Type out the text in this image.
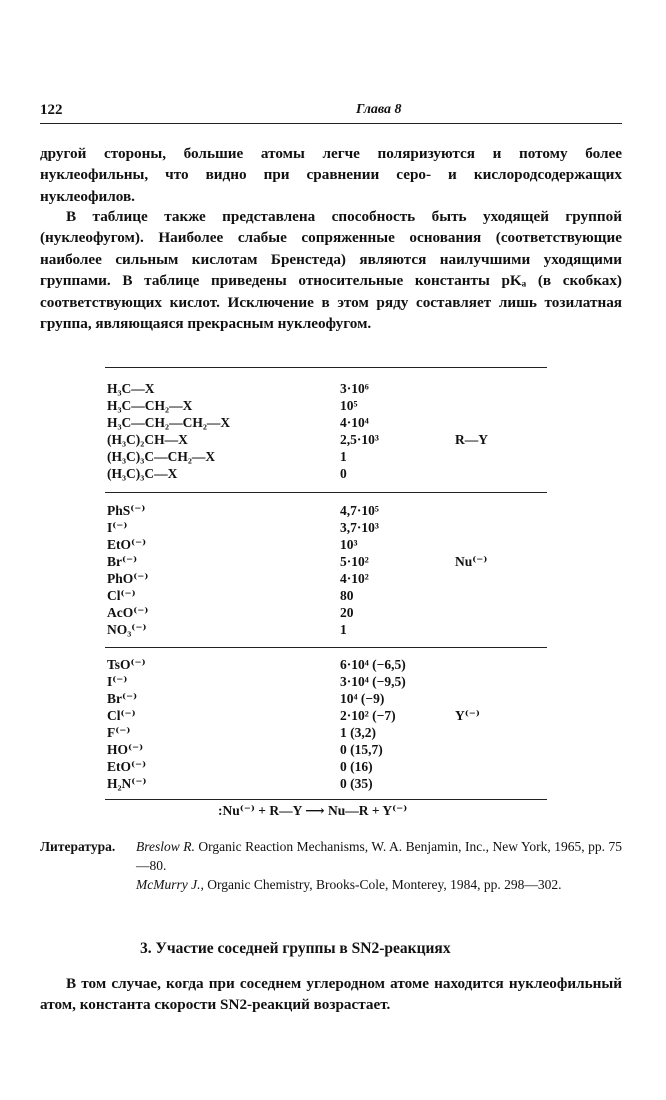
122	Глава 8

другой стороны, большие атомы легче поляризуются и потому более нуклеофильны, что видно при сравнении серо- и кислородсодержащих нуклеофилов.

В таблице также представлена способность быть уходящей группой (нуклеофугом). Наиболее слабые сопряженные основания (соответствующие наиболее сильным кислотам Бренстеда) являются наилучшими уходящими группами. В таблице приведены относительные константы pKₐ (в скобках) соответствующих кислот. Исключение в этом ряду составляет лишь тозилатная группа, являющаяся прекрасным нуклеофугом.

H₃C—X	3·10⁶
H₃C—CH₂—X	10⁵
H₃C—CH₂—CH₂—X	4·10⁴
(H₃C)₂CH—X	2,5·10³
(H₃C)₃C—CH₂—X	1
(H₃C)₃C—X	0
R—Y
PhS⁽⁻⁾	4,7·10⁵
I⁽⁻⁾	3,7·10³
EtO⁽⁻⁾	10³
Br⁽⁻⁾	5·10²
PhO⁽⁻⁾	4·10²
Cl⁽⁻⁾	80
AcO⁽⁻⁾	20
NO₃⁽⁻⁾	1
Nu⁽⁻⁾
TsO⁽⁻⁾	6·10⁴ (−6,5)
I⁽⁻⁾	3·10⁴ (−9,5)
Br⁽⁻⁾	10⁴ (−9)
Cl⁽⁻⁾	2·10² (−7)
F⁽⁻⁾	1 (3,2)
HO⁽⁻⁾	0 (15,7)
EtO⁽⁻⁾	0 (16)
H₂N⁽⁻⁾	0 (35)
Y⁽⁻⁾
:Nu⁽⁻⁾ + R—Y ⟶ Nu—R + Y⁽⁻⁾
Литература. Breslow R. Organic Reaction Mechanisms, W. A. Benjamin, Inc., New York, 1965, pp. 75—80.

McMurry J., Organic Chemistry, Brooks-Cole, Monterey, 1984, pp. 298—302.

3. Участие соседней группы в SN2-реакциях

В том случае, когда при соседнем углеродном атоме находится нуклеофильный атом, константа скорости SN2-реакций возрастает.
